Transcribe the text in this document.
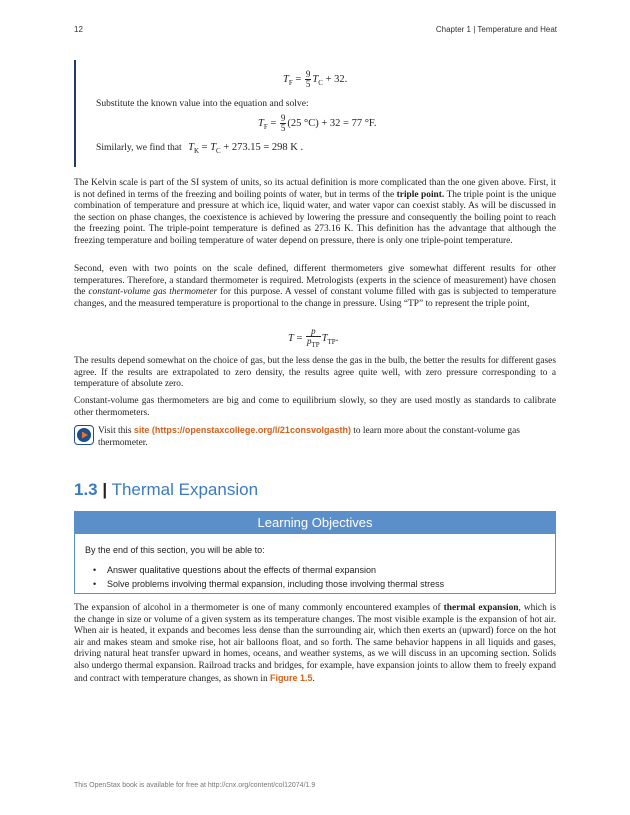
12	Chapter 1 | Temperature and Heat
$T_F = \frac{9}{5} T_C + 32$.
Substitute the known value into the equation and solve:
$T_F = \frac{9}{5} (25$ °C) + 32 = 77 °F.
Similarly, we find that $T_K = T_C + 273.15 = 298$ K .

The Kelvin scale is part of the SI system of units, so its actual definition is more complicated than the one given above. First, it is not defined in terms of the freezing and boiling points of water, but in terms of the triple point. The triple point is the unique combination of temperature and pressure at which ice, liquid water, and water vapor can coexist stably. As will be discussed in the section on phase changes, the coexistence is achieved by lowering the pressure and consequently the boiling point to reach the freezing point. The triple-point temperature is defined as 273.16 K. This definition has the advantage that although the freezing temperature and boiling temperature of water depend on pressure, there is only one triple-point temperature.

Second, even with two points on the scale defined, different thermometers give somewhat different results for other temperatures. Therefore, a standard thermometer is required. Metrologists (experts in the science of measurement) have chosen the constant-volume gas thermometer for this purpose. A vessel of constant volume filled with gas is subjected to temperature changes, and the measured temperature is proportional to the change in pressure. Using “TP” to represent the triple point,

$T = \frac{p}{p_{TP}} T_{TP}$.

The results depend somewhat on the choice of gas, but the less dense the gas in the bulb, the better the results for different gases agree. If the results are extrapolated to zero density, the results agree quite well, with zero pressure corresponding to a temperature of absolute zero.

Constant-volume gas thermometers are big and come to equilibrium slowly, so they are used mostly as standards to calibrate other thermometers.

Visit this site (https://openstaxcollege.org/l/21consvolgasth) to learn more about the constant-volume gas thermometer.
1.3 | Thermal Expansion
Learning Objectives
By the end of this section, you will be able to:
• Answer qualitative questions about the effects of thermal expansion
• Solve problems involving thermal expansion, including those involving thermal stress

The expansion of alcohol in a thermometer is one of many commonly encountered examples of thermal expansion, which is the change in size or volume of a given system as its temperature changes. The most visible example is the expansion of hot air. When air is heated, it expands and becomes less dense than the surrounding air, which then exerts an (upward) force on the hot air and makes steam and smoke rise, hot air balloons float, and so forth. The same behavior happens in all liquids and gases, driving natural heat transfer upward in homes, oceans, and weather systems, as we will discuss in an upcoming section. Solids also undergo thermal expansion. Railroad tracks and bridges, for example, have expansion joints to allow them to freely expand and contract with temperature changes, as shown in Figure 1.5.

This OpenStax book is available for free at http://cnx.org/content/col12074/1.9
